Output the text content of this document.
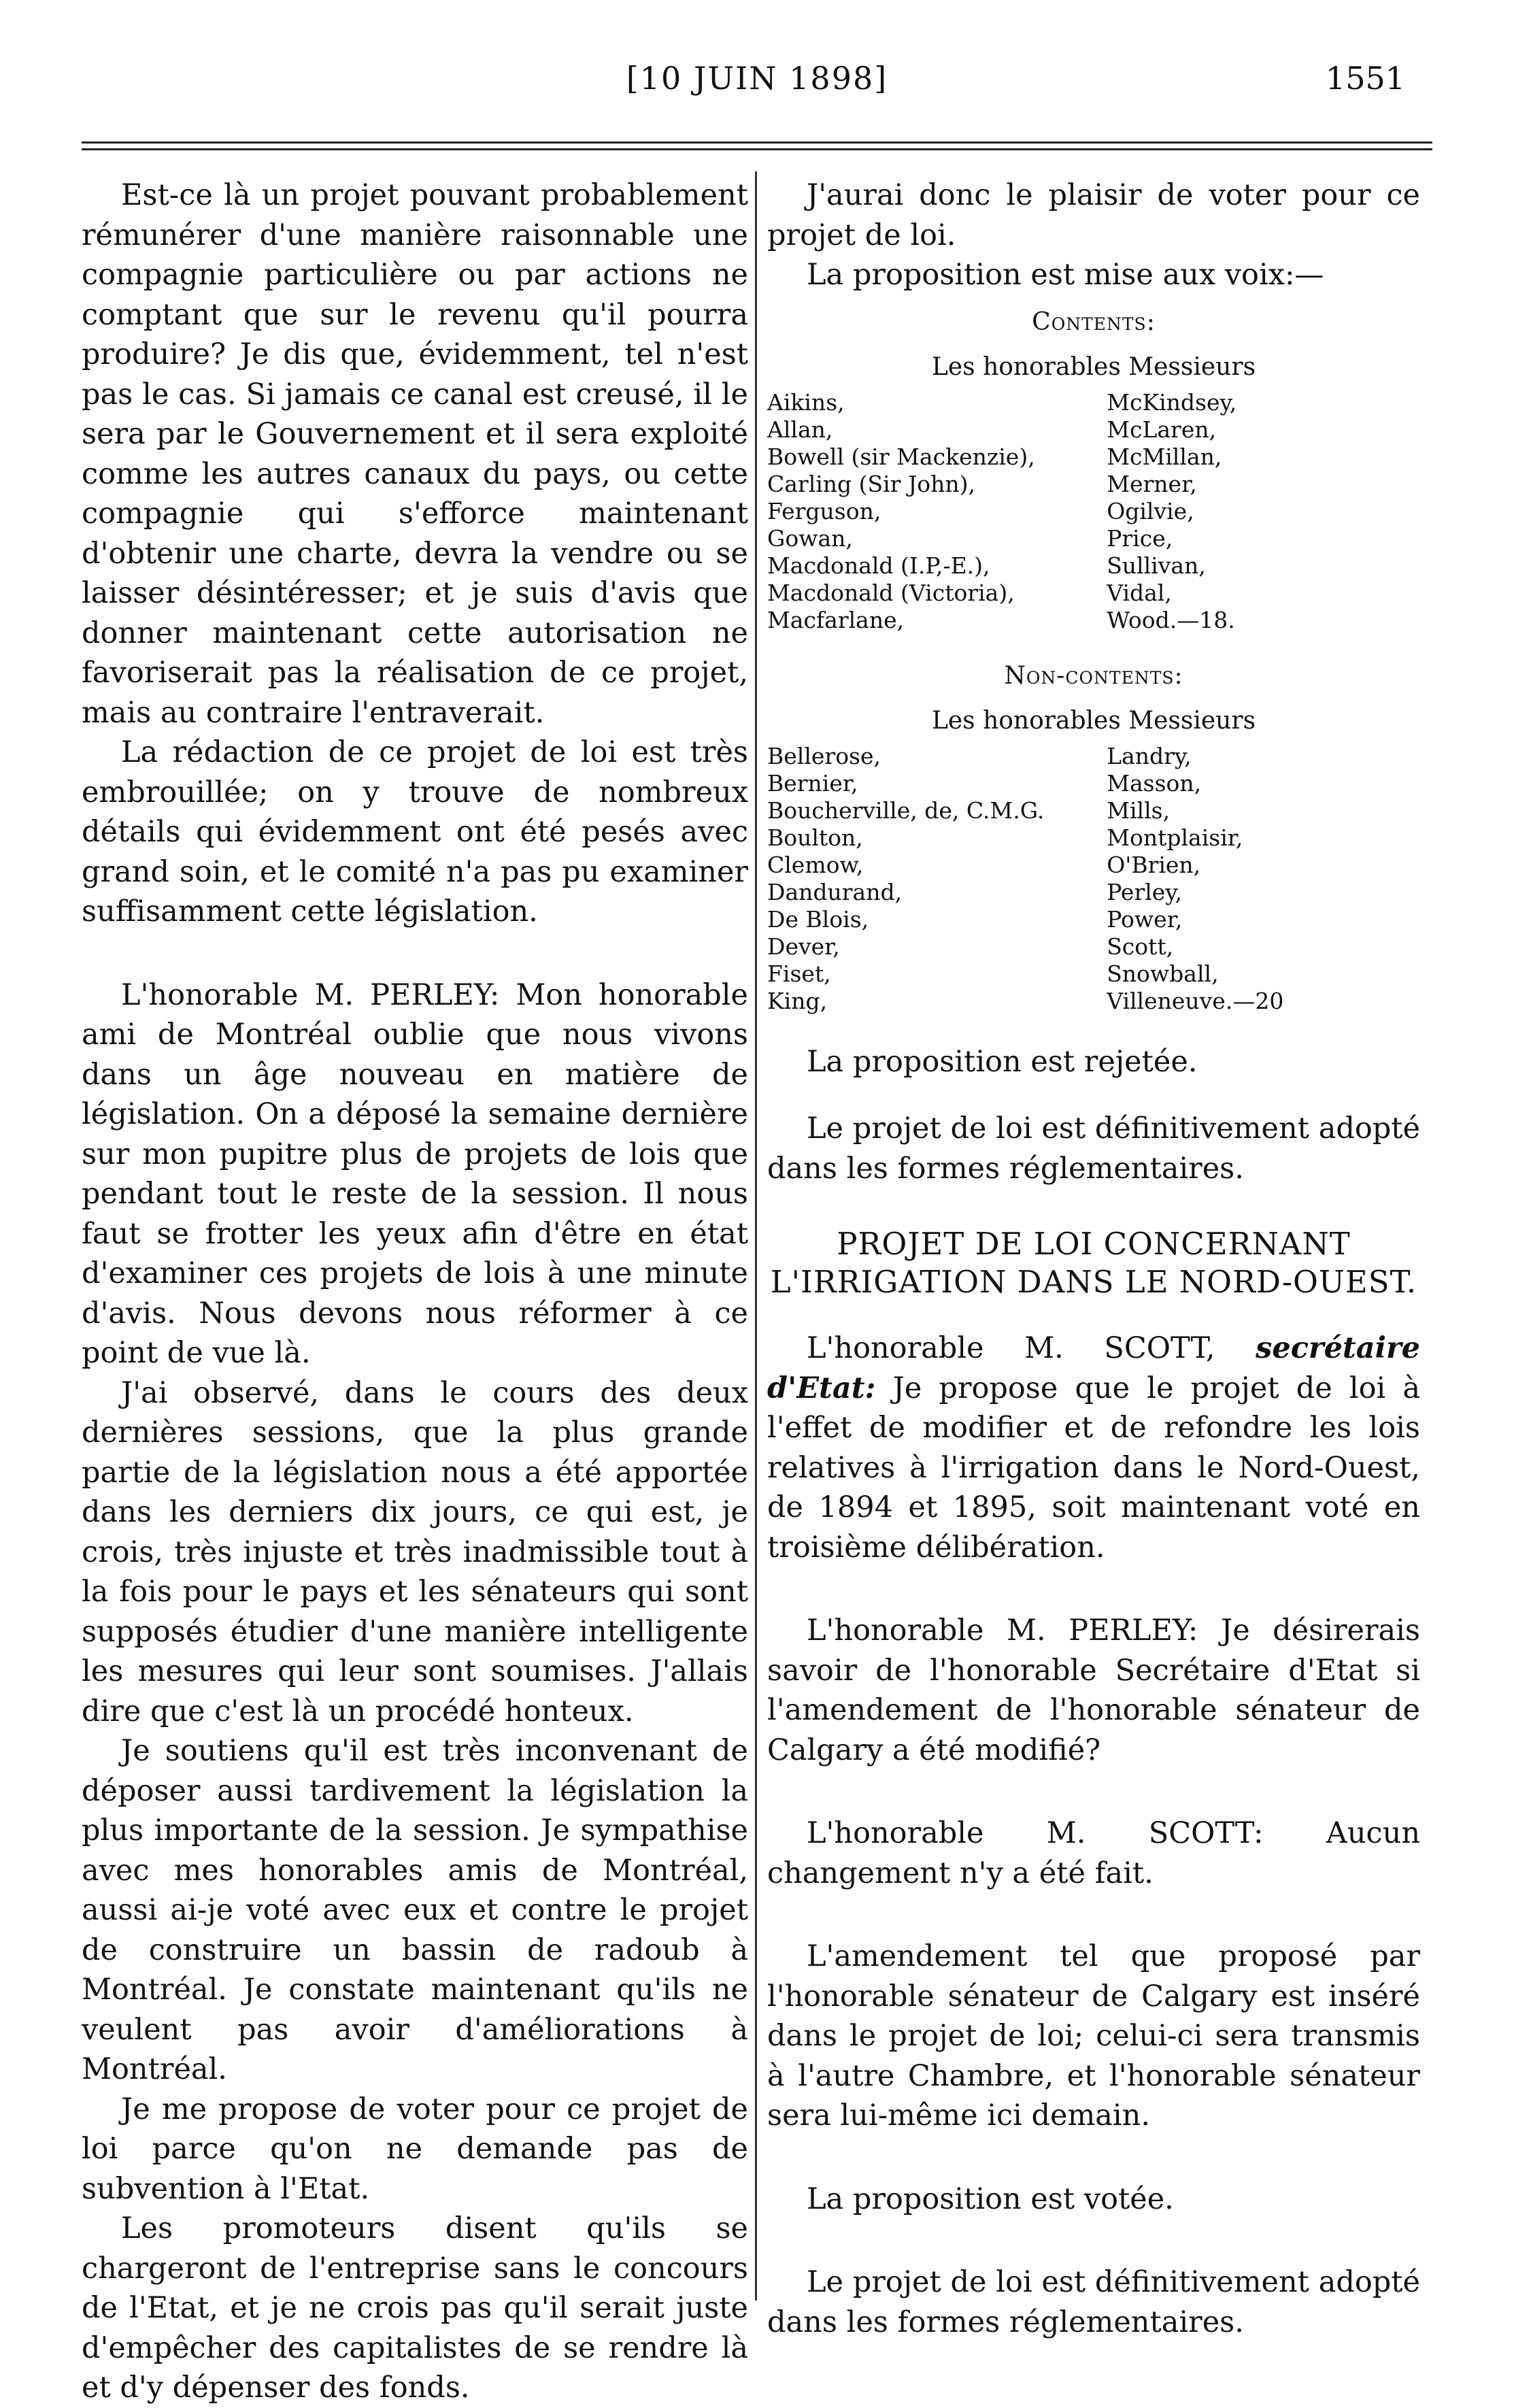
[10 JUIN 1898]	1551

Est-ce là un projet pouvant probablement rémunérer d'une manière raisonnable une compagnie particulière ou par actions ne comptant que sur le revenu qu'il pourra produire? Je dis que, évidemment, tel n'est pas le cas. Si jamais ce canal est creusé, il le sera par le Gouvernement et il sera exploité comme les autres canaux du pays, ou cette compagnie qui s'efforce maintenant d'obtenir une charte, devra la vendre ou se laisser désintéresser; et je suis d'avis que donner maintenant cette autorisation ne favoriserait pas la réalisation de ce projet, mais au contraire l'entraverait.

La rédaction de ce projet de loi est très embrouillée; on y trouve de nombreux détails qui évidemment ont été pesés avec grand soin, et le comité n'a pas pu examiner suffisamment cette législation.

L'honorable M. PERLEY: Mon honorable ami de Montréal oublie que nous vivons dans un âge nouveau en matière de législation. On a déposé la semaine dernière sur mon pupitre plus de projets de lois que pendant tout le reste de la session. Il nous faut se frotter les yeux afin d'être en état d'examiner ces projets de lois à une minute d'avis. Nous devons nous réformer à ce point de vue là.

J'ai observé, dans le cours des deux dernières sessions, que la plus grande partie de la législation nous a été apportée dans les derniers dix jours, ce qui est, je crois, très injuste et très inadmissible tout à la fois pour le pays et les sénateurs qui sont supposés étudier d'une manière intelligente les mesures qui leur sont soumises. J'allais dire que c'est là un procédé honteux.

Je soutiens qu'il est très inconvenant de déposer aussi tardivement la législation la plus importante de la session. Je sympathise avec mes honorables amis de Montréal, aussi ai-je voté avec eux et contre le projet de construire un bassin de radoub à Montréal. Je constate maintenant qu'ils ne veulent pas avoir d'améliorations à Montréal.

Je me propose de voter pour ce projet de loi parce qu'on ne demande pas de subvention à l'Etat.

Les promoteurs disent qu'ils se chargeront de l'entreprise sans le concours de l'Etat, et je ne crois pas qu'il serait juste d'empêcher des capitalistes de se rendre là et d'y dépenser des fonds.

J'aurai donc le plaisir de voter pour ce projet de loi.

La proposition est mise aux voix:—

Contents:
Les honorables Messieurs
Aikins,	McKindsey,
Allan,	McLaren,
Bowell (sir Mackenzie),	McMillan,
Carling (Sir John),	Merner,
Ferguson,	Ogilvie,
Gowan,	Price,
Macdonald (I.P,-E.),	Sullivan,
Macdonald (Victoria),	Vidal,
Macfarlane,	Wood.—18.
Non-contents:
Les honorables Messieurs
Bellerose,	Landry,
Bernier,	Masson,
Boucherville, de, C.M.G.	Mills,
Boulton,	Montplaisir,
Clemow,	O'Brien,
Dandurand,	Perley,
De Blois,	Power,
Dever,	Scott,
Fiset,	Snowball,
King,	Villeneuve.—20

La proposition est rejetée.

Le projet de loi est définitivement adopté dans les formes réglementaires.

PROJET DE LOI CONCERNANT L'IRRIGATION DANS LE NORD-OUEST.

L'honorable M. SCOTT, secrétaire d'Etat: Je propose que le projet de loi à l'effet de modifier et de refondre les lois relatives à l'irrigation dans le Nord-Ouest, de 1894 et 1895, soit maintenant voté en troisième délibération.

L'honorable M. PERLEY: Je désirerais savoir de l'honorable Secrétaire d'Etat si l'amendement de l'honorable sénateur de Calgary a été modifié?

L'honorable M. SCOTT: Aucun changement n'y a été fait.

L'amendement tel que proposé par l'honorable sénateur de Calgary est inséré dans le projet de loi; celui-ci sera transmis à l'autre Chambre, et l'honorable sénateur sera lui-même ici demain.

La proposition est votée.

Le projet de loi est définitivement adopté dans les formes réglementaires.
